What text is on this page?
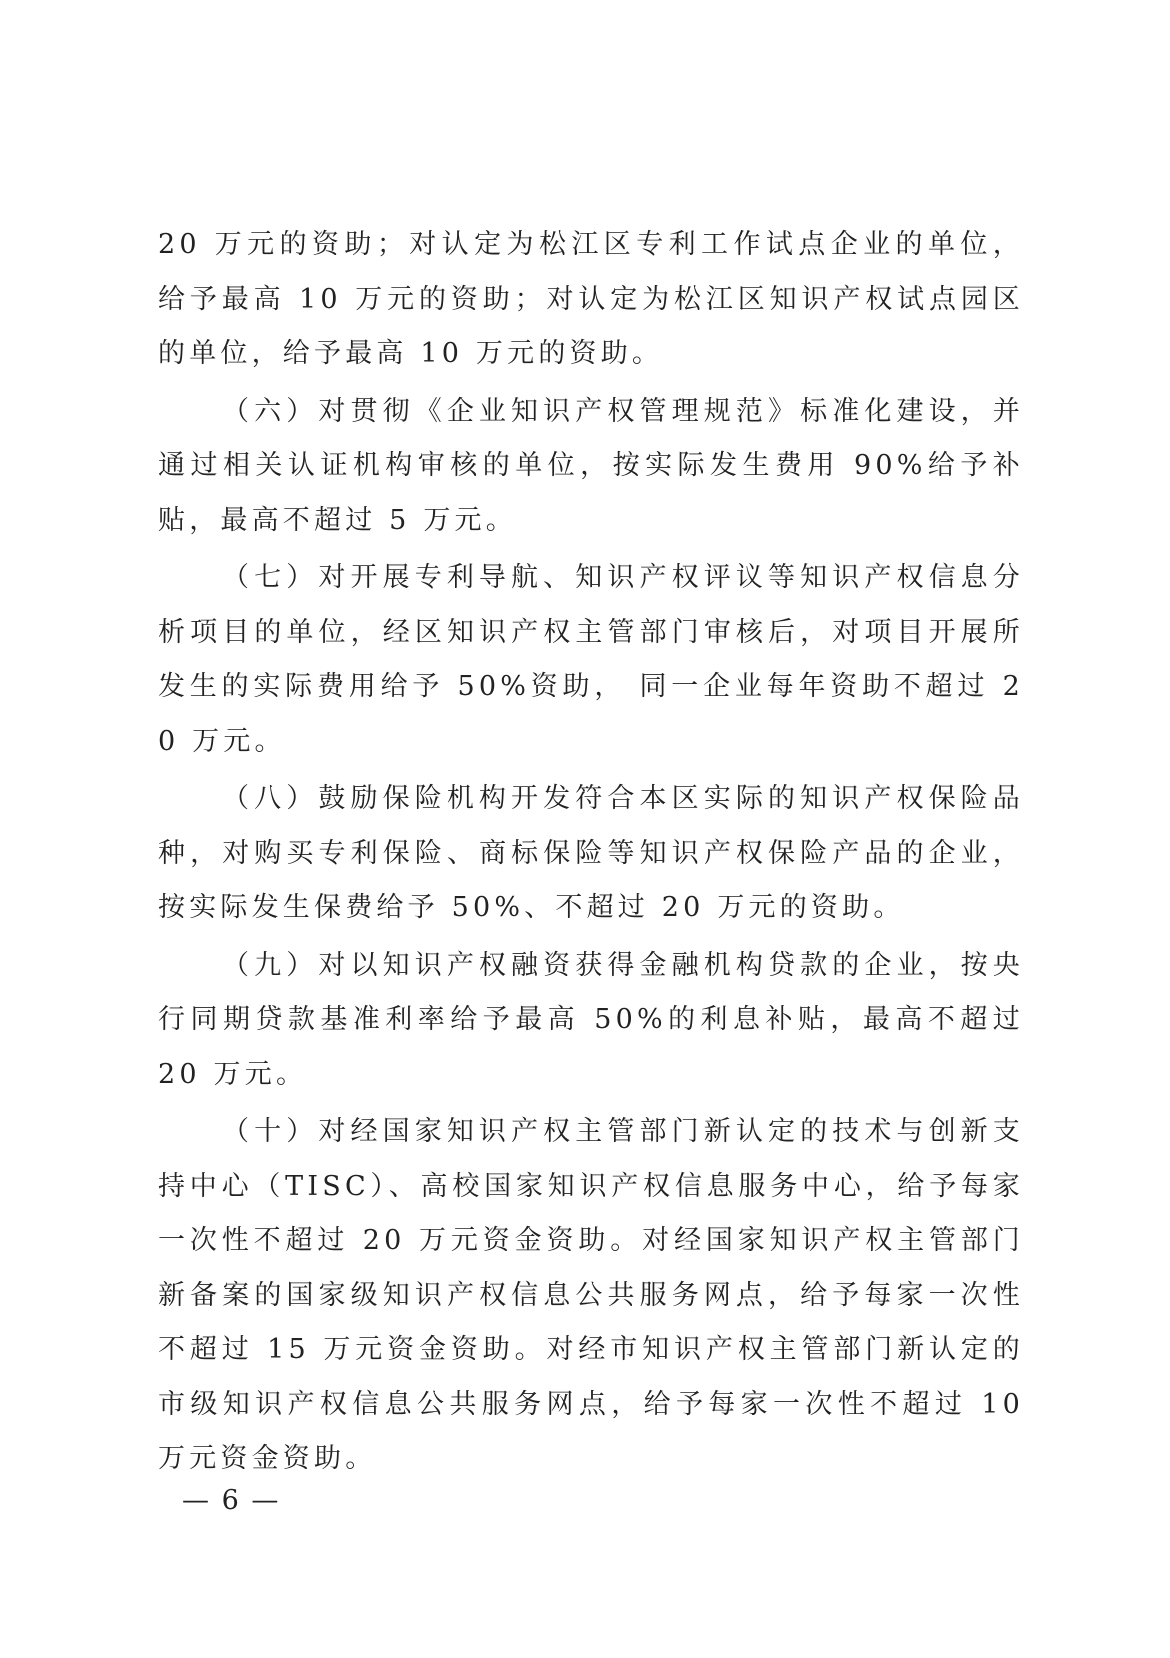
20 万元的资助；对认定为松江区专利工作试点企业的单位，给予最高 10 万元的资助；对认定为松江区知识产权试点园区的单位，给予最高 10 万元的资助。

（六）对贯彻《企业知识产权管理规范》标准化建设，并通过相关认证机构审核的单位，按实际发生费用 90%给予补贴，最高不超过 5 万元。

（七）对开展专利导航、知识产权评议等知识产权信息分析项目的单位，经区知识产权主管部门审核后，对项目开展所发生的实际费用给予 50%资助， 同一企业每年资助不超过 20 万元。

（八）鼓励保险机构开发符合本区实际的知识产权保险品种，对购买专利保险、商标保险等知识产权保险产品的企业，按实际发生保费给予 50%、不超过 20 万元的资助。

（九）对以知识产权融资获得金融机构贷款的企业，按央行同期贷款基准利率给予最高 50%的利息补贴，最高不超过 20 万元。

（十）对经国家知识产权主管部门新认定的技术与创新支持中心（TISC）、高校国家知识产权信息服务中心，给予每家一次性不超过 20 万元资金资助。对经国家知识产权主管部门新备案的国家级知识产权信息公共服务网点，给予每家一次性不超过 15 万元资金资助。对经市知识产权主管部门新认定的市级知识产权信息公共服务网点，给予每家一次性不超过 10 万元资金资助。

— 6 —
